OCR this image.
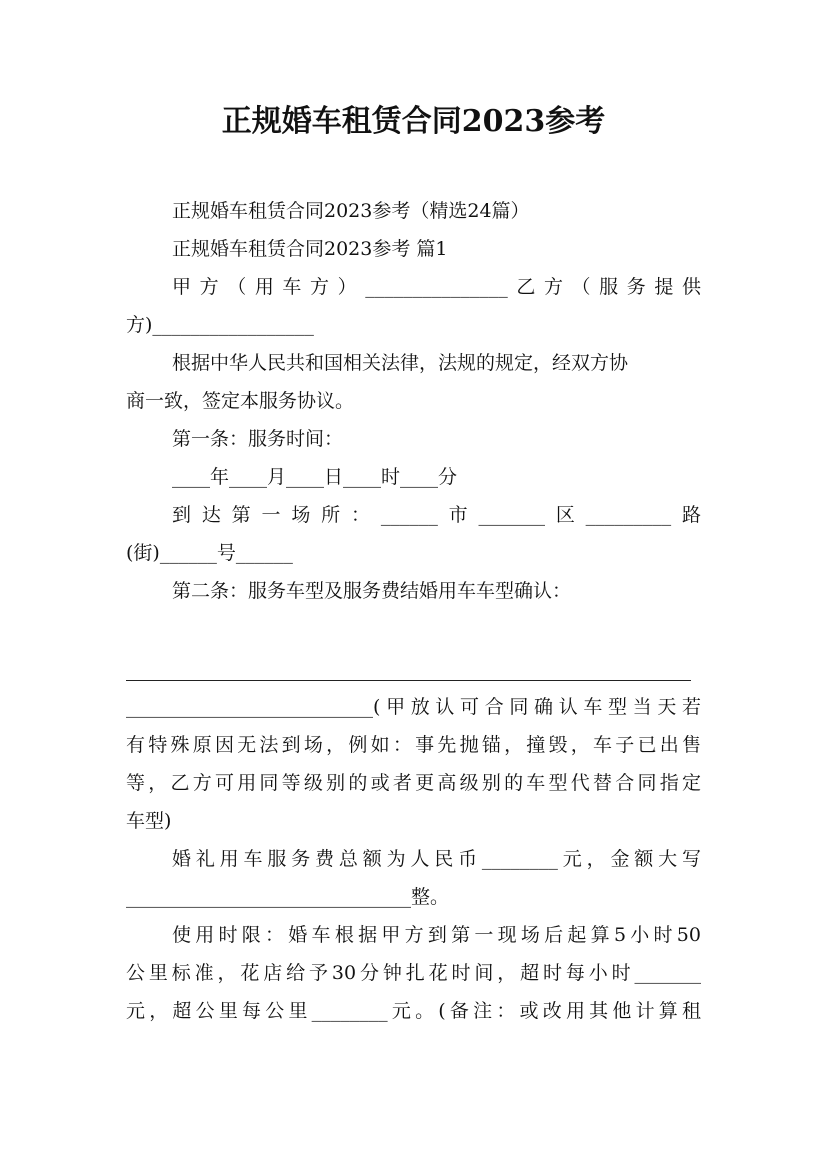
正规婚车租赁合同2023参考

正规婚车租赁合同2023参考（精选24篇）

正规婚车租赁合同2023参考 篇1

甲方（用车方）_______________乙方（服务提供

方)_________________

根据中华人民共和国相关法律，法规的规定，经双方协

商一致，签定本服务协议。

第一条：服务时间：

____年____月____日____时____分

到达第一场所：______市_______区_________路

(街)______号______

第二条：服务车型及服务费结婚用车车型确认：

__________________________(甲放认可合同确认车型当天若

有特殊原因无法到场，例如：事先抛锚，撞毁，车子已出售

等，乙方可用同等级别的或者更高级别的车型代替合同指定

车型)

婚礼用车服务费总额为人民币________元，金额大写

______________________________整。

使用时限：婚车根据甲方到第一现场后起算5小时50

公里标准，花店给予30分钟扎花时间，超时每小时_______

元，超公里每公里________元。(备注：或改用其他计算租
